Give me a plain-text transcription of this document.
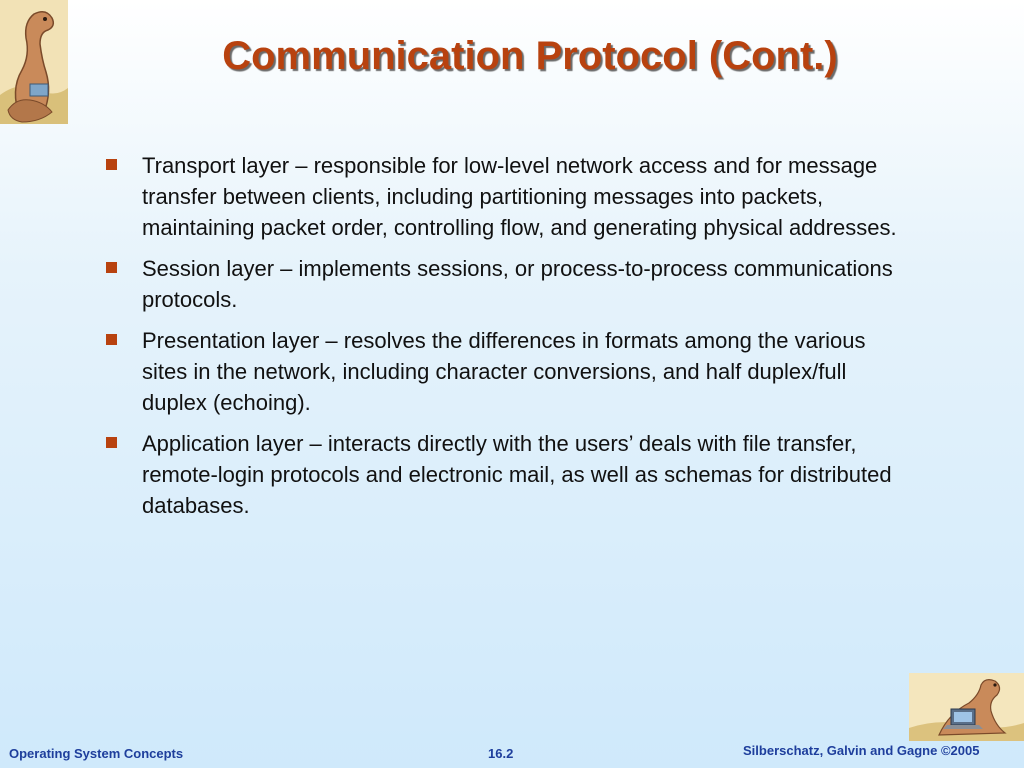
Communication Protocol (Cont.)
Transport layer – responsible for low-level network access and for message transfer between clients, including partitioning messages into packets, maintaining packet order, controlling flow, and generating physical addresses.
Session layer – implements sessions, or process-to-process communications protocols.
Presentation layer – resolves the differences in formats among the various sites in the network, including character conversions, and half duplex/full duplex (echoing).
Application layer – interacts directly with the users’ deals with file transfer, remote-login protocols and electronic mail, as well as schemas for distributed databases.
Operating System Concepts	16.2	Silberschatz, Galvin and Gagne ©2005
